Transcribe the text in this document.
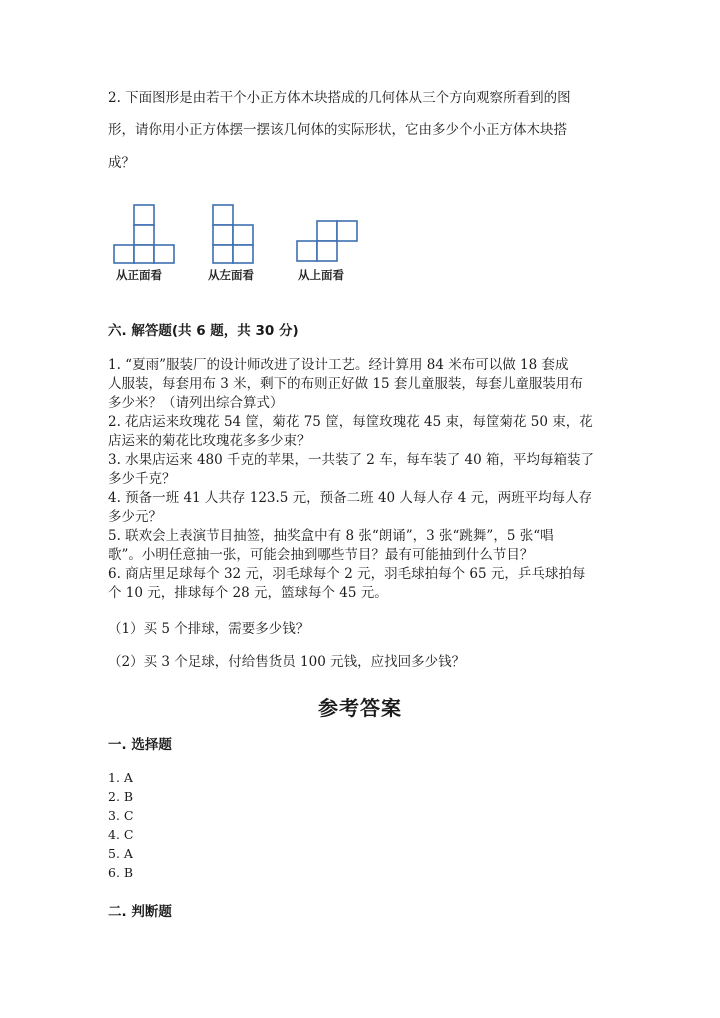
2. 下面图形是由若干个小正方体木块搭成的几何体从三个方向观察所看到的图
形，请你用小正方体摆一摆该几何体的实际形状，它由多少个小正方体木块搭
成？
从正面看	从左面看	从上面看
六. 解答题(共 6 题，共 30 分)
1. “夏雨”服装厂的设计师改进了设计工艺。经计算用 84 米布可以做 18 套成
人服装，每套用布 3 米，剩下的布则正好做 15 套儿童服装，每套儿童服装用布
多少米？（请列出综合算式）
2. 花店运来玫瑰花 54 筐，菊花 75 筐，每筐玫瑰花 45 束，每筐菊花 50 束，花
店运来的菊花比玫瑰花多多少束？
3. 水果店运来 480 千克的苹果，一共装了 2 车，每车装了 40 箱，平均每箱装了
多少千克？
4. 预备一班 41 人共存 123.5 元，预备二班 40 人每人存 4 元，两班平均每人存
多少元？
5. 联欢会上表演节目抽签，抽奖盒中有 8 张“朗诵”，3 张“跳舞”，5 张“唱
歌”。小明任意抽一张，可能会抽到哪些节目？最有可能抽到什么节目？
6. 商店里足球每个 32 元，羽毛球每个 2 元，羽毛球拍每个 65 元，乒乓球拍每
个 10 元，排球每个 28 元，篮球每个 45 元。
（1）买 5 个排球，需要多少钱？
（2）买 3 个足球，付给售货员 100 元钱，应找回多少钱？
参考答案
一. 选择题
1. A
2. B
3. C
4. C
5. A
6. B
二. 判断题
